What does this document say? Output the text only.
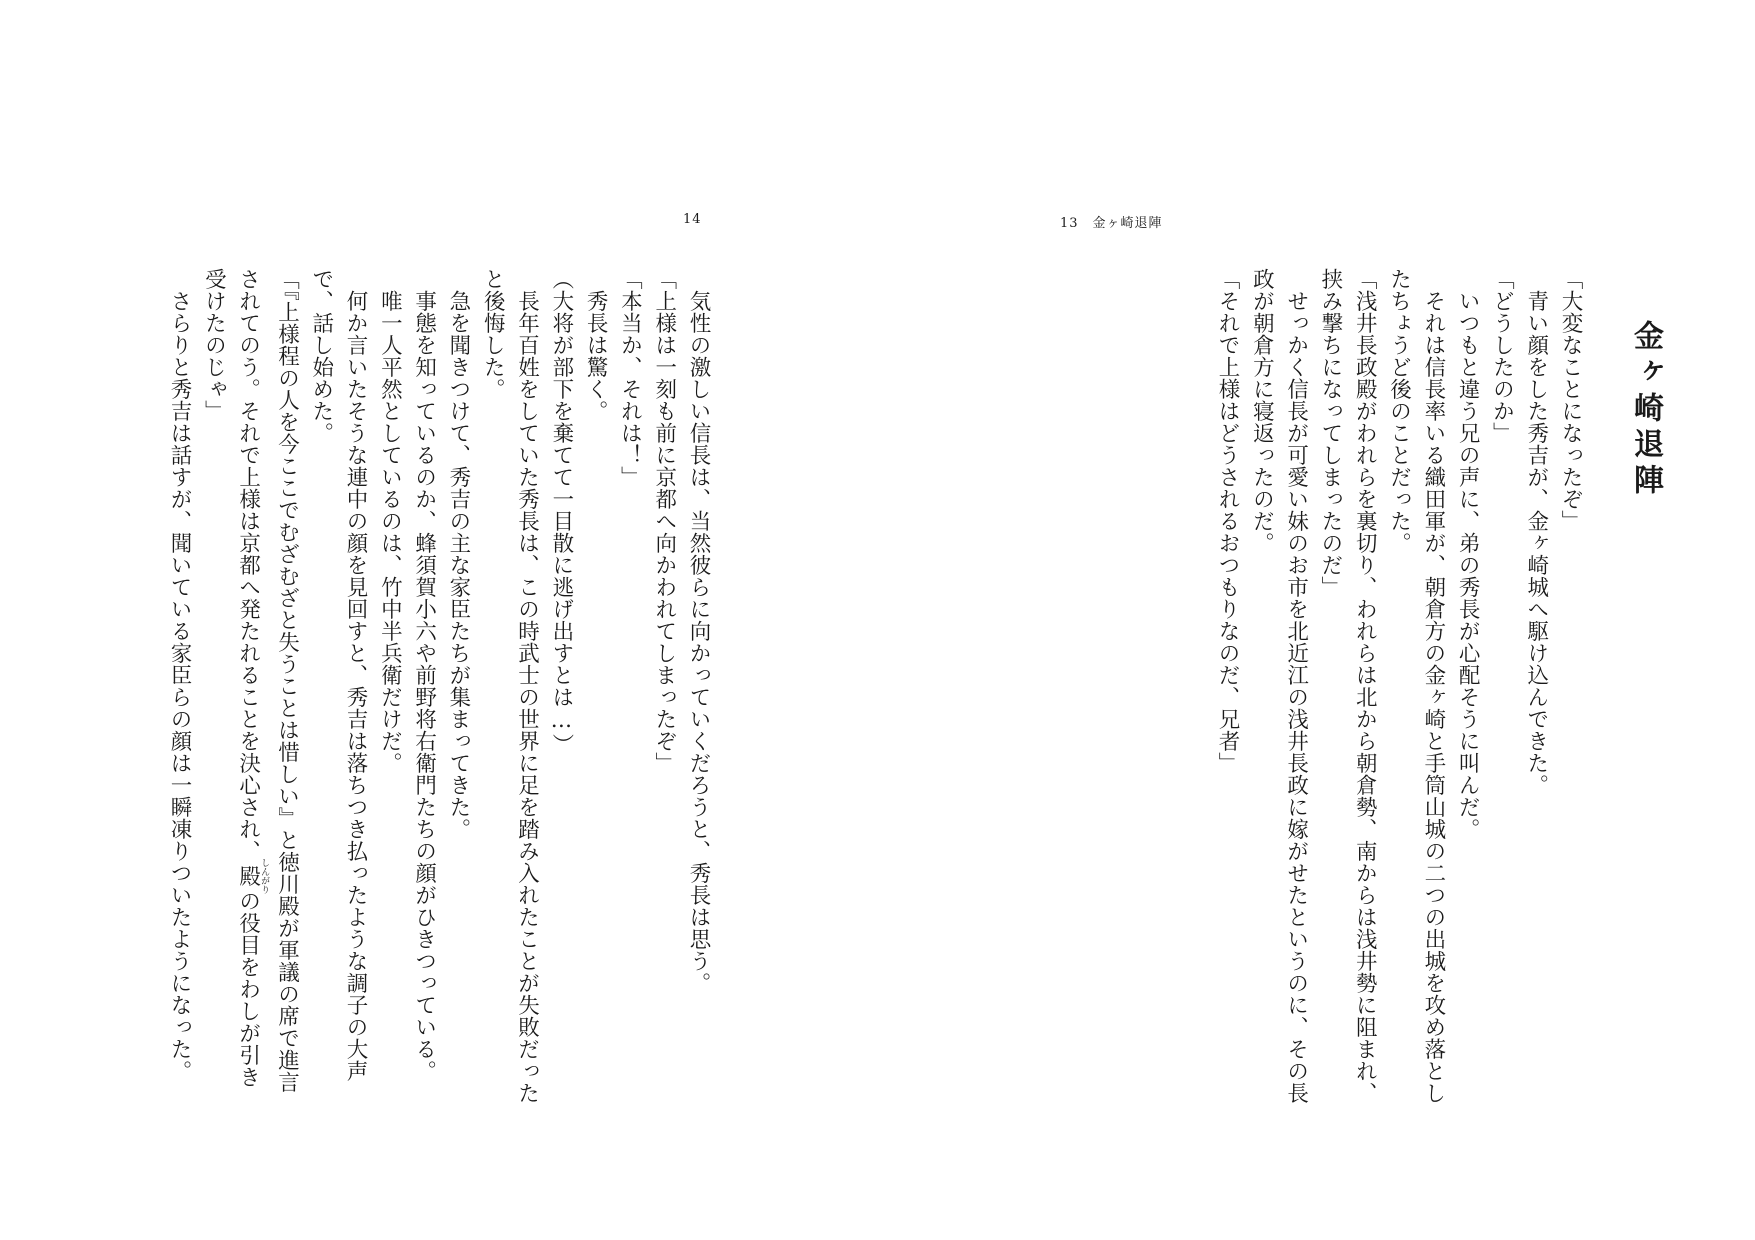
14
気性の激しい信長は、当然彼らに向かっていくだろうと、秀長は思う。
「上様は一刻も前に京都へ向かわれてしまったぞ」
「本当か、それは！」
秀長は驚く。
（大将が部下を棄てて一目散に逃げ出すとは…）
長年百姓をしていた秀長は、この時武士の世界に足を踏み入れたことが失敗だった
と後悔した。
急を聞きつけて、秀吉の主な家臣たちが集まってきた。
事態を知っているのか、蜂須賀小六や前野将右衛門たちの顔がひきつっている。
唯一人平然としているのは、竹中半兵衛だけだ。
何か言いたそうな連中の顔を見回すと、秀吉は落ちつき払ったような調子の大声
で、話し始めた。
「『上様程の人を今ここでむざむざと失うことは惜しい』と徳川殿が軍議の席で進言
されてのう。それで上様は京都へ発たれることを決心され、殿しんがりの役目をわしが引き
受けたのじゃ」
さらりと秀吉は話すが、聞いている家臣らの顔は一瞬凍りついたようになった。
13 金ヶ崎退陣
金ヶ崎退陣
「大変なことになったぞ」
青い顔をした秀吉が、金ヶ崎城へ駆け込んできた。
「どうしたのか」
いつもと違う兄の声に、弟の秀長が心配そうに叫んだ。
それは信長率いる織田軍が、朝倉方の金ヶ崎と手筒山城の二つの出城を攻め落とし
たちょうど後のことだった。
「浅井長政殿がわれらを裏切り、われらは北から朝倉勢、南からは浅井勢に阻まれ、
挟み撃ちになってしまったのだ」
せっかく信長が可愛い妹のお市を北近江の浅井長政に嫁がせたというのに、その長
政が朝倉方に寝返ったのだ。
「それで上様はどうされるおつもりなのだ、兄者」
